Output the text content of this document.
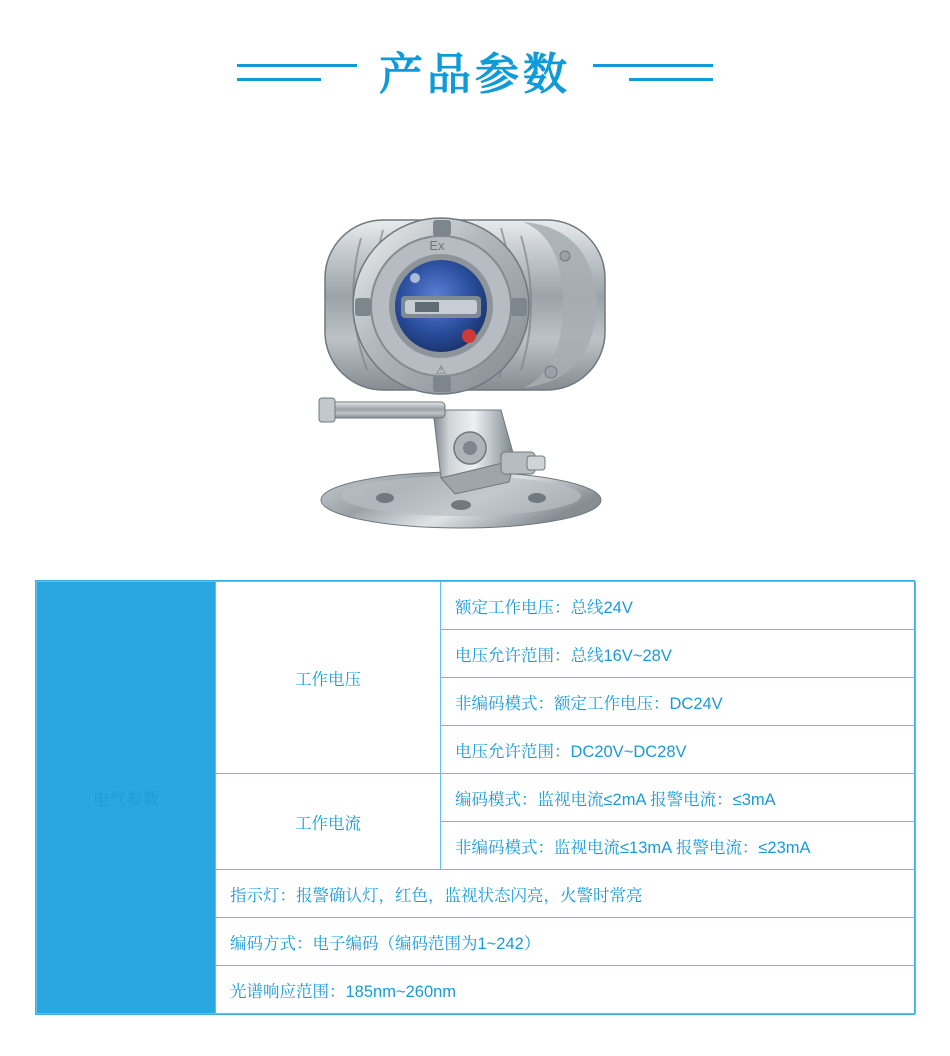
产品参数
Ex
⚠
电气参数	工作电压	额定工作电压：总线24V
		电压允许范围：总线16V~28V
		非编码模式：额定工作电压：DC24V
		电压允许范围：DC20V~DC28V
	工作电流	编码模式：监视电流≤2mA 报警电流：≤3mA
		非编码模式：监视电流≤13mA 报警电流：≤23mA
	指示灯：报警确认灯，红色，监视状态闪亮，火警时常亮	
	编码方式：电子编码（编码范围为1~242）	
	光谱响应范围：185nm~260nm	
